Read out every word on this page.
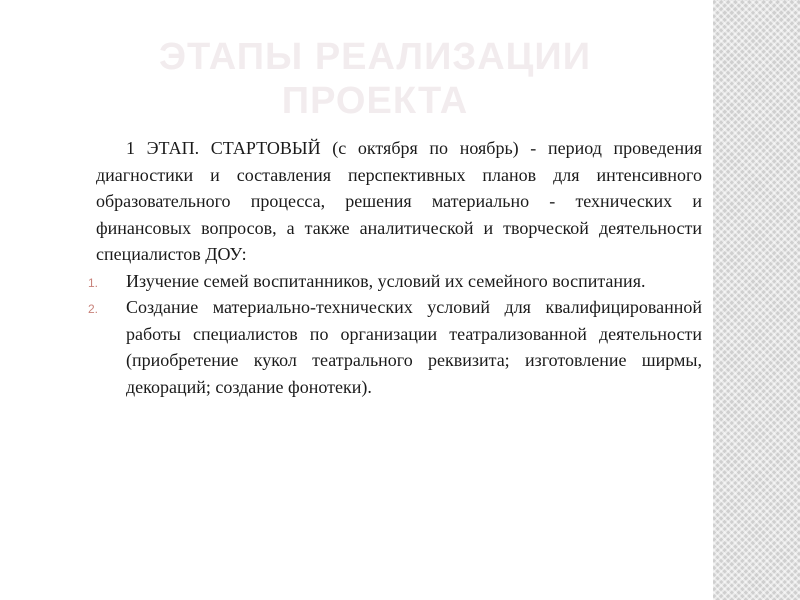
ЭТАПЫ РЕАЛИЗАЦИИ ПРОЕКТА

1 ЭТАП. СТАРТОВЫЙ (с октября по ноябрь) - период проведения диагностики и составления перспективных планов для интенсивного образовательного процесса, решения материально - технических и финансовых вопросов, а также аналитической и творческой деятельности специалистов ДОУ:

1. Изучение семей воспитанников, условий их семейного воспитания.
2. Создание материально-технических условий для квалифицированной работы специалистов по организации театрализованной деятельности (приобретение кукол театрального реквизита; изготовление ширмы, декораций; создание фонотеки).
